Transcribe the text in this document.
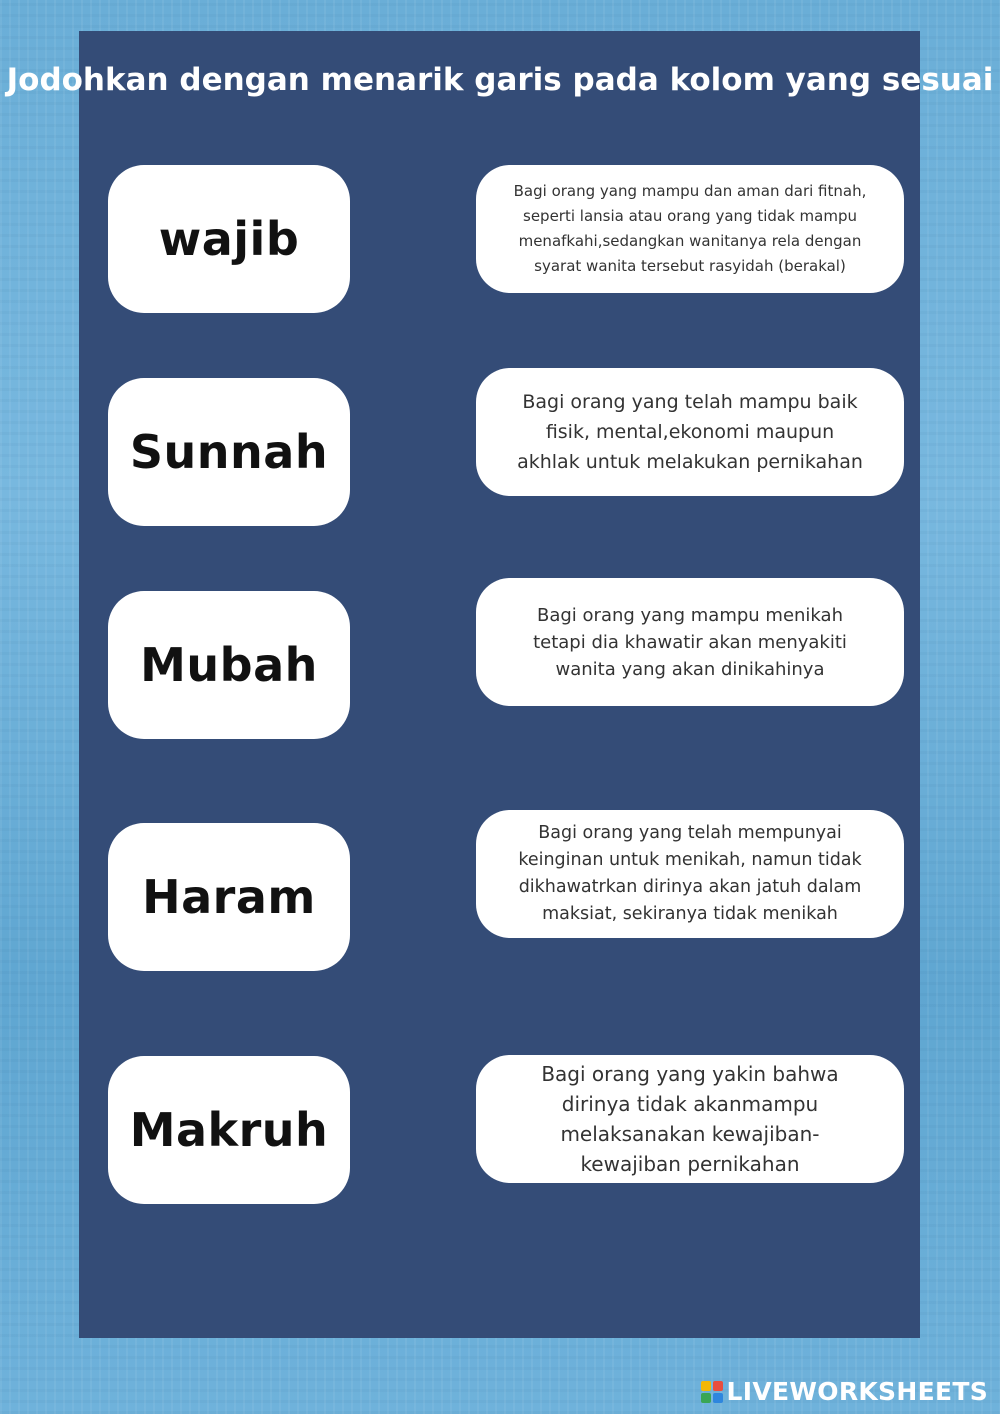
Jodohkan dengan menarik garis pada kolom yang sesuai
wajib
Sunnah
Mubah
Haram
Makruh
Bagi orang yang mampu dan aman dari fitnah,
seperti lansia atau orang yang tidak mampu
menafkahi,sedangkan wanitanya rela dengan
syarat wanita tersebut rasyidah (berakal)
Bagi orang yang telah mampu baik
fisik, mental,ekonomi maupun
akhlak untuk melakukan pernikahan
Bagi orang yang mampu menikah
tetapi dia khawatir akan menyakiti
wanita yang akan dinikahinya
Bagi orang yang telah mempunyai
keinginan untuk menikah, namun tidak
dikhawatrkan dirinya akan jatuh dalam
maksiat, sekiranya tidak menikah
Bagi orang yang yakin bahwa
dirinya tidak akanmampu
melaksanakan kewajiban-
kewajiban pernikahan
LIVEWORKSHEETS
